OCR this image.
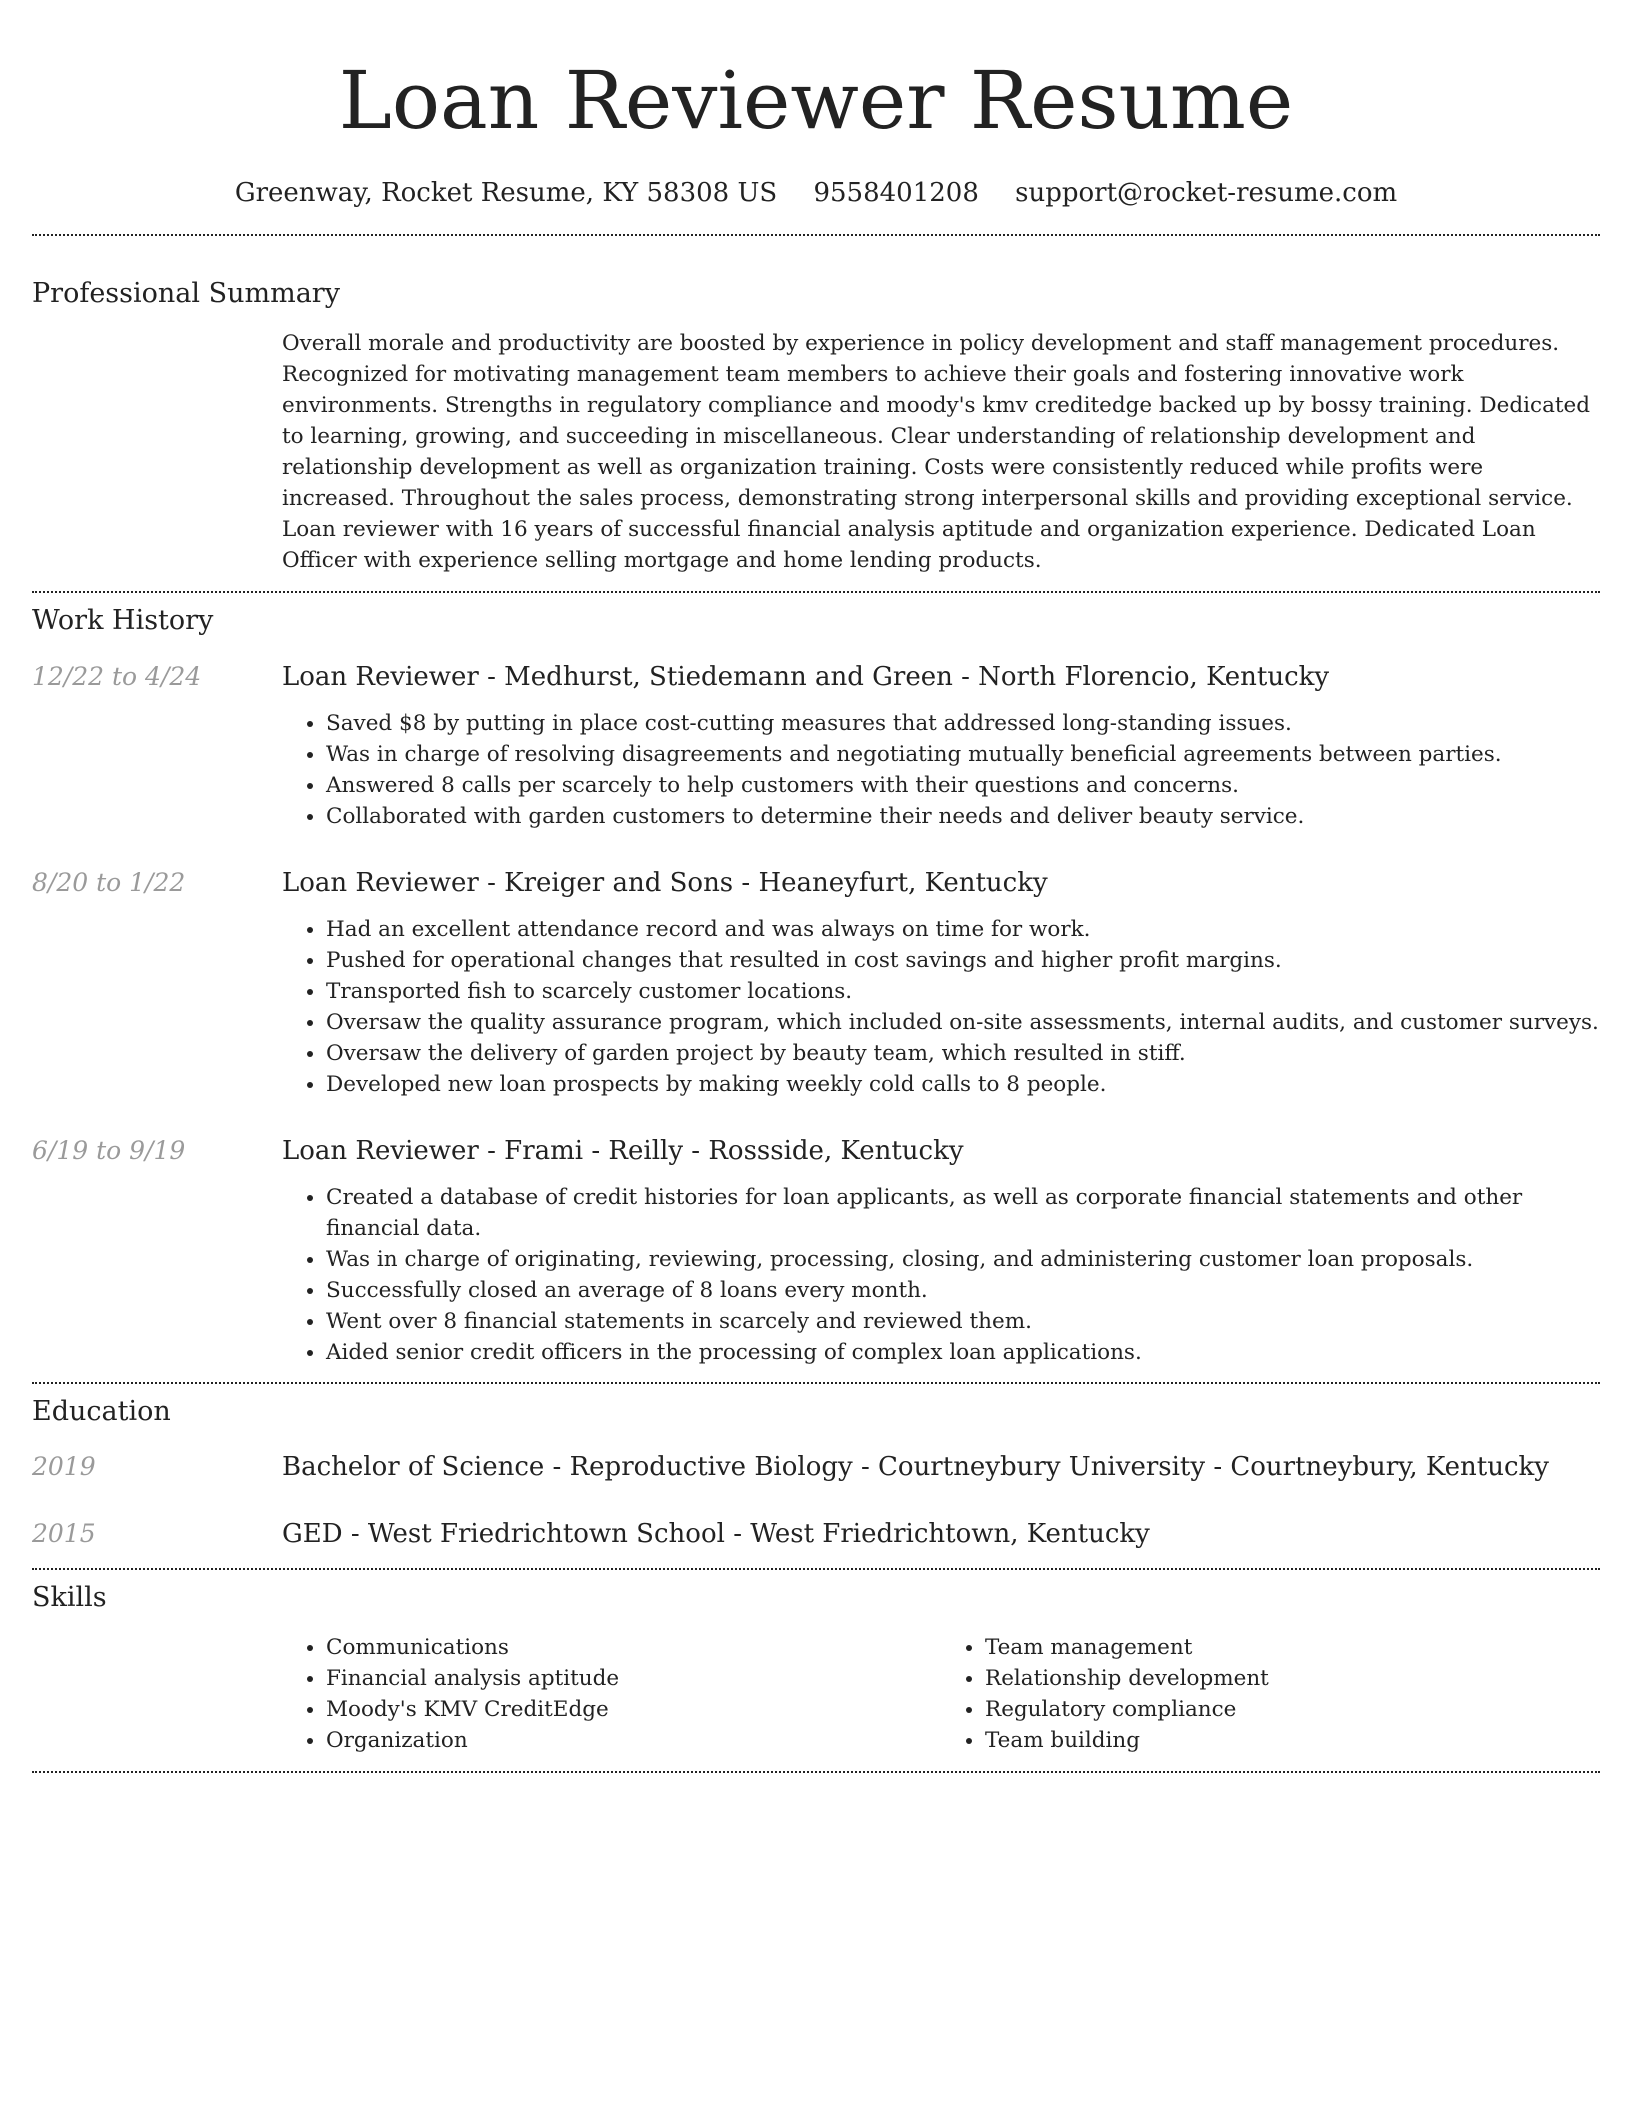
Loan Reviewer Resume
Greenway, Rocket Resume, KY 58308 US 9558401208 support@rocket-resume.com
Professional Summary

Overall morale and productivity are boosted by experience in policy development and staff management procedures. Recognized for motivating management team members to achieve their goals and fostering innovative work environments. Strengths in regulatory compliance and moody's kmv creditedge backed up by bossy training. Dedicated to learning, growing, and succeeding in miscellaneous. Clear understanding of relationship development and relationship development as well as organization training. Costs were consistently reduced while profits were increased. Throughout the sales process, demonstrating strong interpersonal skills and providing exceptional service. Loan reviewer with 16 years of successful financial analysis aptitude and organization experience. Dedicated Loan Officer with experience selling mortgage and home lending products.

Work History
12/22 to 4/24	Loan Reviewer - Medhurst, Stiedemann and Green - North Florencio, Kentucky
• Saved $8 by putting in place cost-cutting measures that addressed long-standing issues.
• Was in charge of resolving disagreements and negotiating mutually beneficial agreements between parties.
• Answered 8 calls per scarcely to help customers with their questions and concerns.
• Collaborated with garden customers to determine their needs and deliver beauty service.
8/20 to 1/22	Loan Reviewer - Kreiger and Sons - Heaneyfurt, Kentucky
• Had an excellent attendance record and was always on time for work.
• Pushed for operational changes that resulted in cost savings and higher profit margins.
• Transported fish to scarcely customer locations.
• Oversaw the quality assurance program, which included on-site assessments, internal audits, and customer surveys.
• Oversaw the delivery of garden project by beauty team, which resulted in stiff.
• Developed new loan prospects by making weekly cold calls to 8 people.
6/19 to 9/19	Loan Reviewer - Frami - Reilly - Rossside, Kentucky
• Created a database of credit histories for loan applicants, as well as corporate financial statements and other financial data.
• Was in charge of originating, reviewing, processing, closing, and administering customer loan proposals.
• Successfully closed an average of 8 loans every month.
• Went over 8 financial statements in scarcely and reviewed them.
• Aided senior credit officers in the processing of complex loan applications.
Education
2019	Bachelor of Science - Reproductive Biology - Courtneybury University - Courtneybury, Kentucky
2015	GED - West Friedrichtown School - West Friedrichtown, Kentucky
Skills
• Communications
• Financial analysis aptitude
• Moody's KMV CreditEdge
• Organization
• Team management
• Relationship development
• Regulatory compliance
• Team building
